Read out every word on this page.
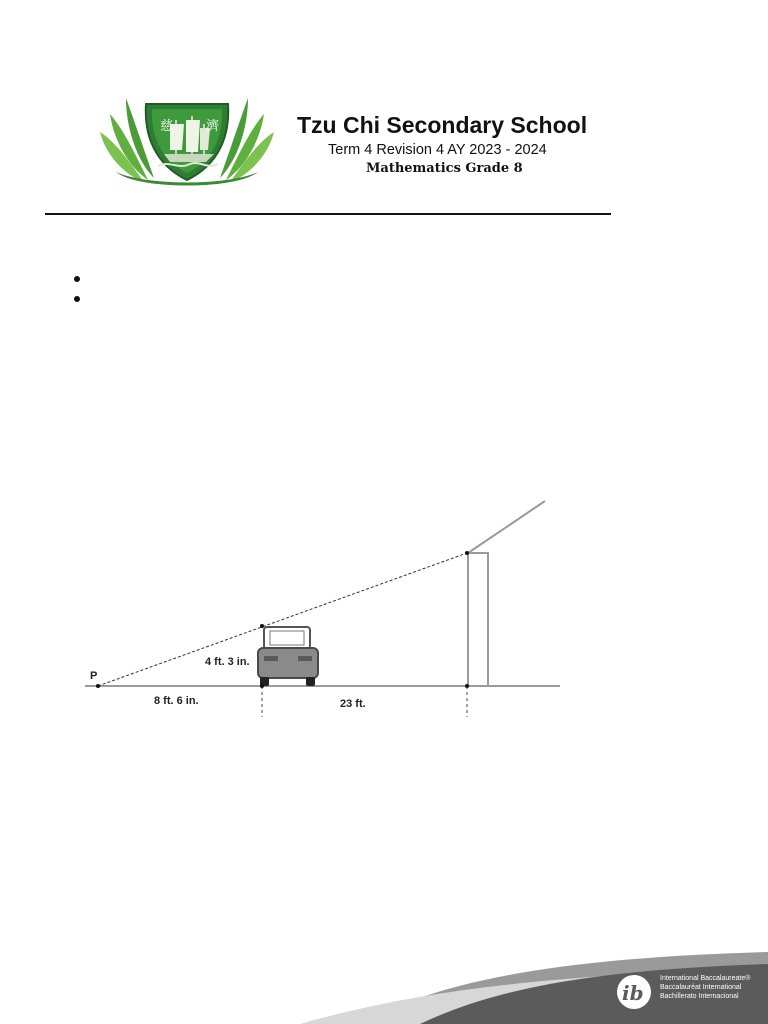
慈	濟	Tzu Chi Secondary School
Term 4 Revision 4 AY 2023 - 2024
Mathematics Grade 8
P
4 ft. 3 in.
8 ft. 6 in.	23 ft.
ib
International Baccalaureate®
Baccalauréat International
Bachillerato Internacional
